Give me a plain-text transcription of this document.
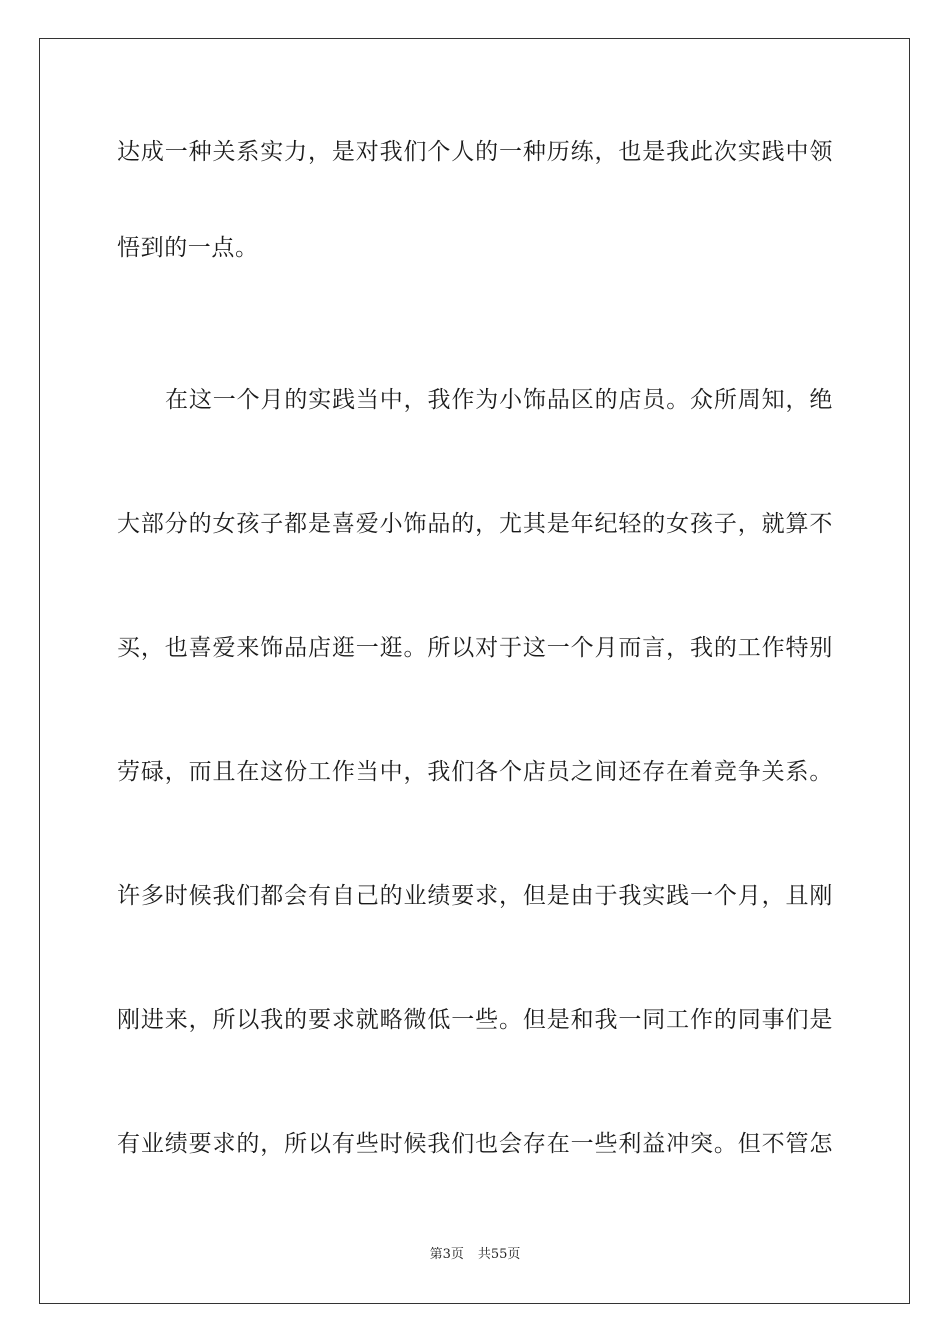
达成一种关系实力，是对我们个人的一种历练，也是我此次实践中领
悟到的一点。
在这一个月的实践当中，我作为小饰品区的店员。众所周知，绝
大部分的女孩子都是喜爱小饰品的，尤其是年纪轻的女孩子，就算不
买，也喜爱来饰品店逛一逛。所以对于这一个月而言，我的工作特别
劳碌，而且在这份工作当中，我们各个店员之间还存在着竞争关系。
许多时候我们都会有自己的业绩要求，但是由于我实践一个月，且刚
刚进来，所以我的要求就略微低一些。但是和我一同工作的同事们是
有业绩要求的，所以有些时候我们也会存在一些利益冲突。但不管怎
第3页 共55页
